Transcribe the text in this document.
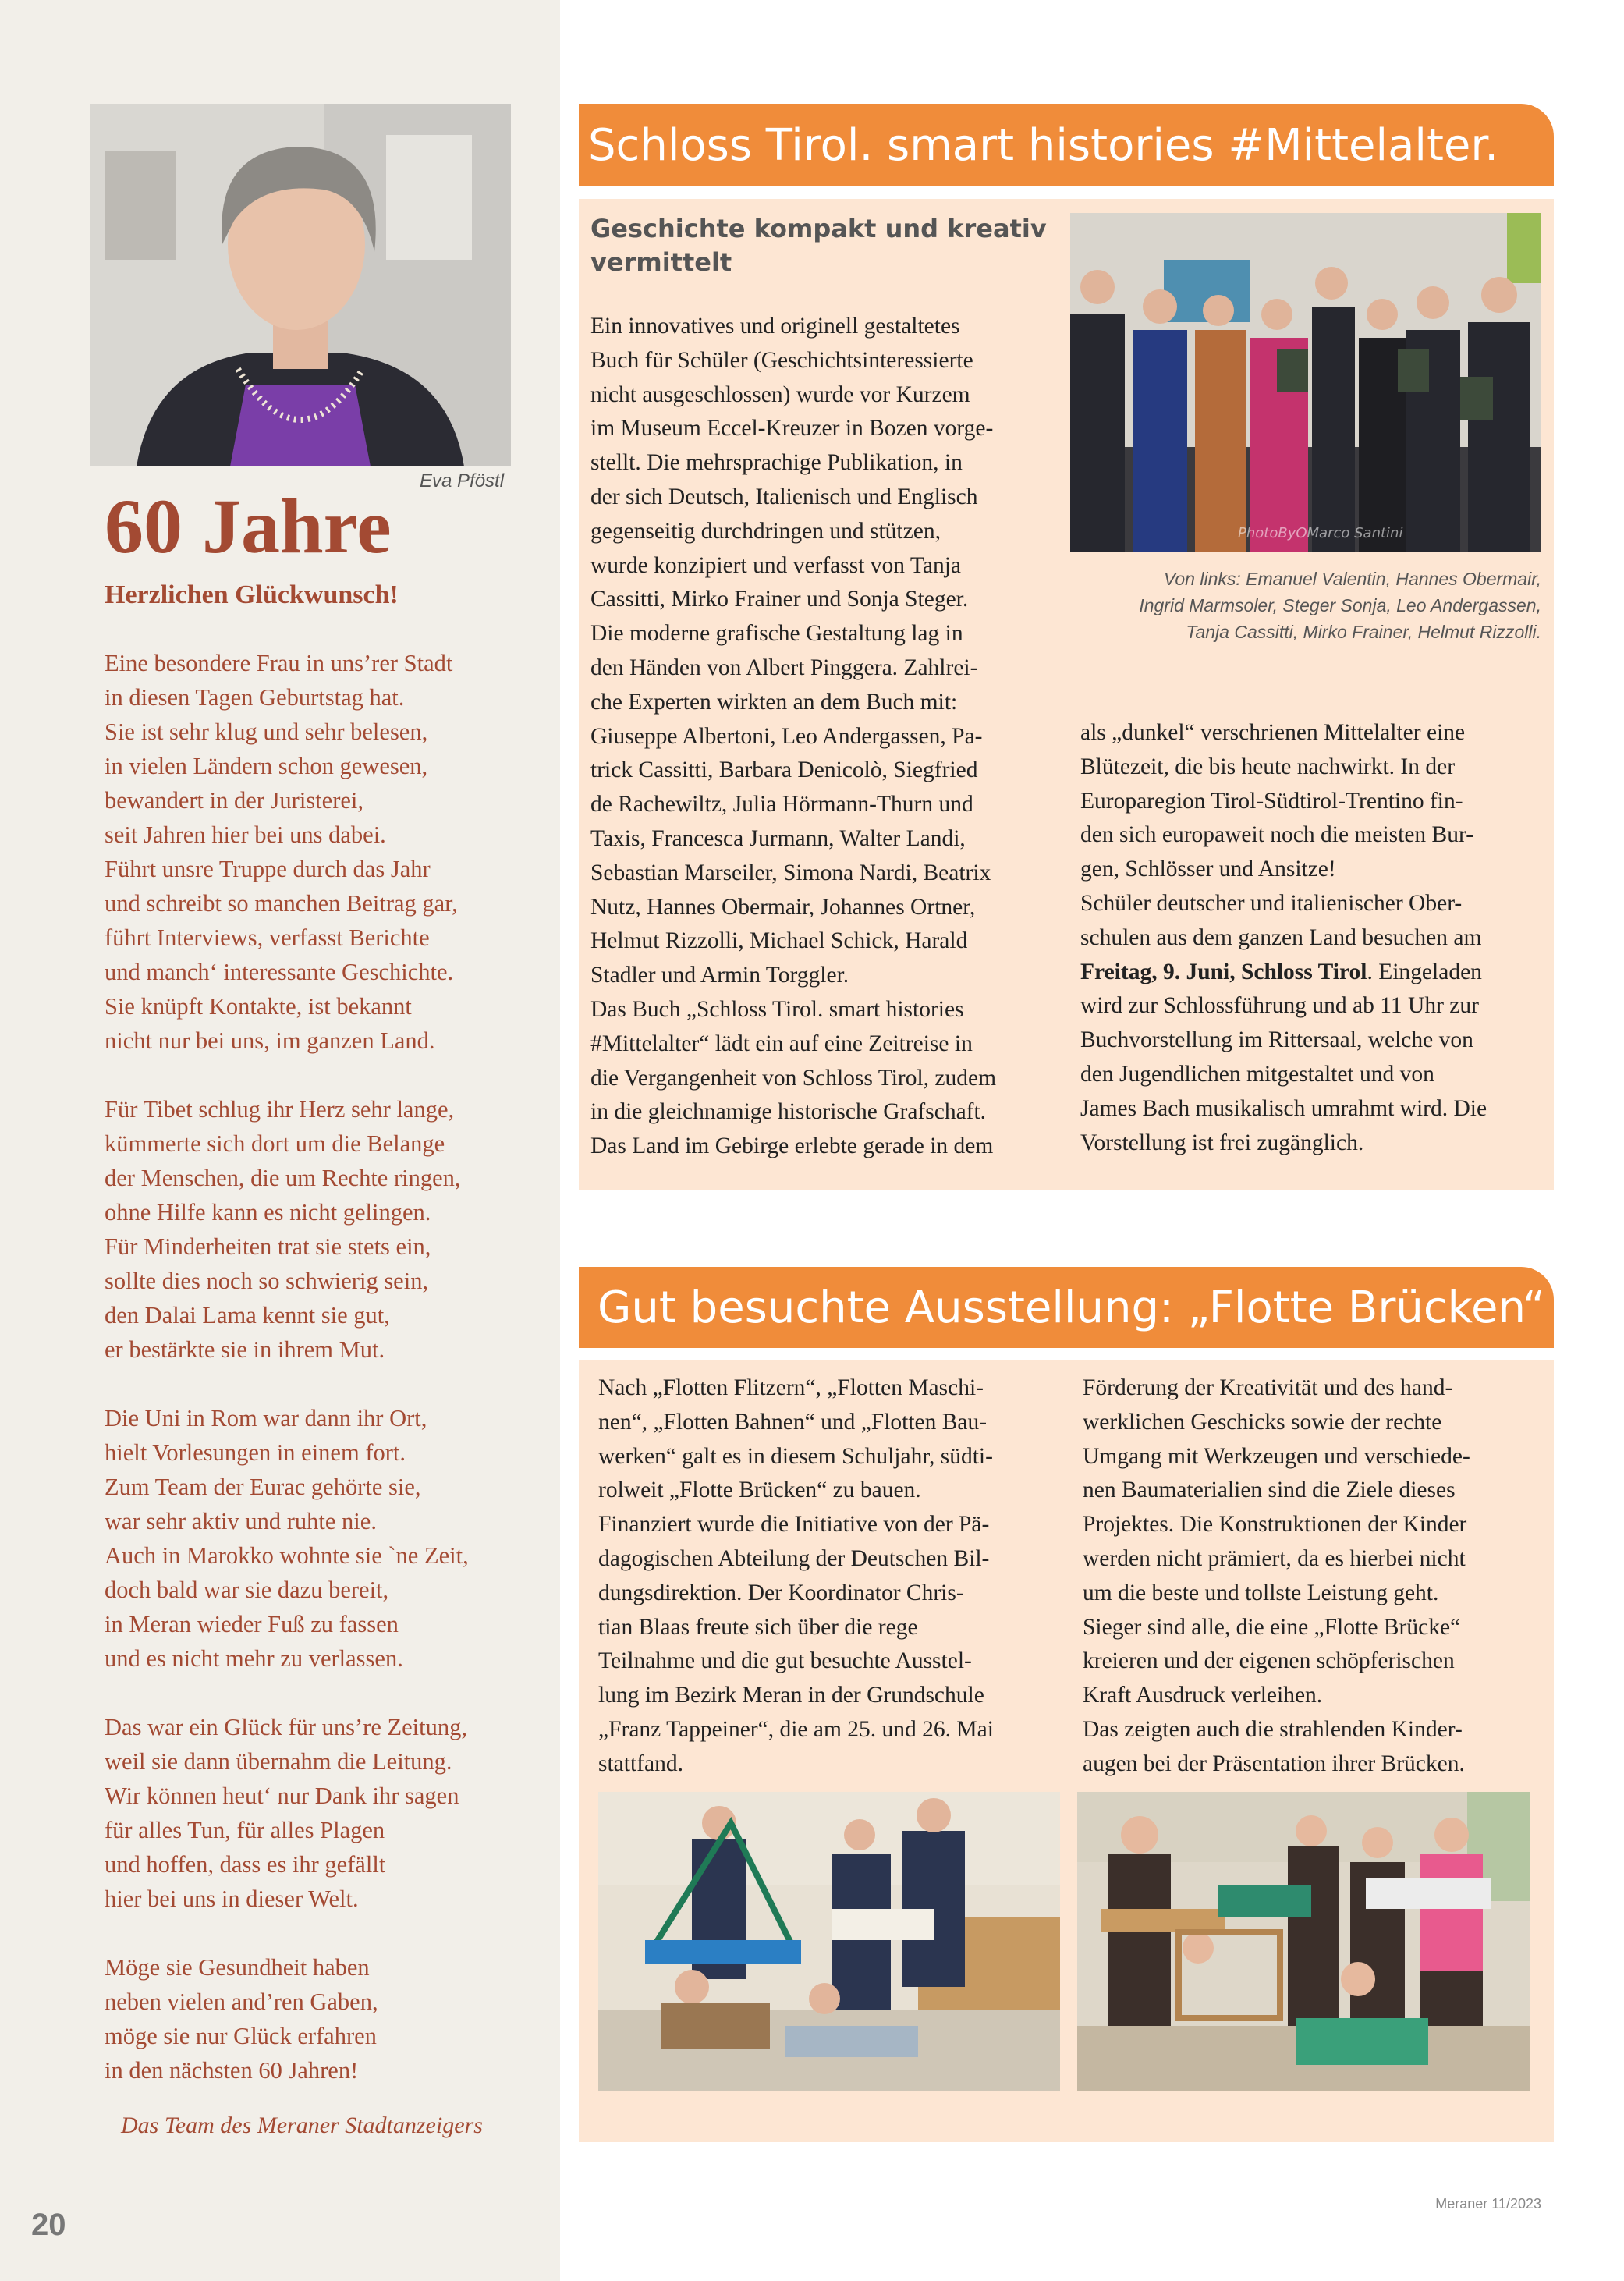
Eva Pföstl
60 Jahre
Herzlichen Glückwunsch!
Eine besondere Frau in uns’rer Stadt
in diesen Tagen Geburtstag hat.
Sie ist sehr klug und sehr belesen,
in vielen Ländern schon gewesen,
bewandert in der Juristerei,
seit Jahren hier bei uns dabei.
Führt unsre Truppe durch das Jahr
und schreibt so manchen Beitrag gar,
führt Interviews, verfasst Berichte
und manch‘ interessante Geschichte.
Sie knüpft Kontakte, ist bekannt
nicht nur bei uns, im ganzen Land.
Für Tibet schlug ihr Herz sehr lange,
kümmerte sich dort um die Belange
der Menschen, die um Rechte ringen,
ohne Hilfe kann es nicht gelingen.
Für Minderheiten trat sie stets ein,
sollte dies noch so schwierig sein,
den Dalai Lama kennt sie gut,
er bestärkte sie in ihrem Mut.
Die Uni in Rom war dann ihr Ort,
hielt Vorlesungen in einem fort.
Zum Team der Eurac gehörte sie,
war sehr aktiv und ruhte nie.
Auch in Marokko wohnte sie `ne Zeit,
doch bald war sie dazu bereit,
in Meran wieder Fuß zu fassen
und es nicht mehr zu verlassen.
Das war ein Glück für uns’re Zeitung,
weil sie dann übernahm die Leitung.
Wir können heut‘ nur Dank ihr sagen
für alles Tun, für alles Plagen
und hoffen, dass es ihr gefällt
hier bei uns in dieser Welt.
Möge sie Gesundheit haben
neben vielen and’ren Gaben,
möge sie nur Glück erfahren
in den nächsten 60 Jahren!
Das Team des Meraner Stadtanzeigers
20
Schloss Tirol. smart histories #Mittelalter.
Geschichte kompakt und kreativ
vermittelt
PhotoByOMarco Santini
Von links: Emanuel Valentin, Hannes Obermair,
Ingrid Marmsoler, Steger Sonja, Leo Andergassen,
Tanja Cassitti, Mirko Frainer, Helmut Rizzolli.
Ein innovatives und originell gestaltetes
Buch für Schüler (Geschichtsinteressierte
nicht ausgeschlossen) wurde vor Kurzem
im Museum Eccel-Kreuzer in Bozen vorge-
stellt. Die mehrsprachige Publikation, in
der sich Deutsch, Italienisch und Englisch
gegenseitig durchdringen und stützen,
wurde konzipiert und verfasst von Tanja
Cassitti, Mirko Frainer und Sonja Steger.
Die moderne grafische Gestaltung lag in
den Händen von Albert Pinggera. Zahlrei-
che Experten wirkten an dem Buch mit:
Giuseppe Albertoni, Leo Andergassen, Pa-
trick Cassitti, Barbara Denicolò, Siegfried
de Rachewiltz, Julia Hörmann-Thurn und
Taxis, Francesca Jurmann, Walter Landi,
Sebastian Marseiler, Simona Nardi, Beatrix
Nutz, Hannes Obermair, Johannes Ortner,
Helmut Rizzolli, Michael Schick, Harald
Stadler und Armin Torggler.
Das Buch „Schloss Tirol. smart histories
#Mittelalter“ lädt ein auf eine Zeitreise in
die Vergangenheit von Schloss Tirol, zudem
in die gleichnamige historische Grafschaft.
Das Land im Gebirge erlebte gerade in dem
als „dunkel“ verschrienen Mittelalter eine
Blütezeit, die bis heute nachwirkt. In der
Europaregion Tirol-Südtirol-Trentino fin-
den sich europaweit noch die meisten Bur-
gen, Schlösser und Ansitze!
Schüler deutscher und italienischer Ober-
schulen aus dem ganzen Land besuchen am
Freitag, 9. Juni, Schloss Tirol. Eingeladen
wird zur Schlossführung und ab 11 Uhr zur
Buchvorstellung im Rittersaal, welche von
den Jugendlichen mitgestaltet und von
James Bach musikalisch umrahmt wird. Die
Vorstellung ist frei zugänglich.
Gut besuchte Ausstellung: „Flotte Brücken“
Nach „Flotten Flitzern“, „Flotten Maschi-
nen“, „Flotten Bahnen“ und „Flotten Bau-
werken“ galt es in diesem Schuljahr, südti-
rolweit „Flotte Brücken“ zu bauen.
Finanziert wurde die Initiative von der Pä-
dagogischen Abteilung der Deutschen Bil-
dungsdirektion. Der Koordinator Chris-
tian Blaas freute sich über die rege
Teilnahme und die gut besuchte Ausstel-
lung im Bezirk Meran in der Grundschule
„Franz Tappeiner“, die am 25. und 26. Mai
stattfand.
Förderung der Kreativität und des hand-
werklichen Geschicks sowie der rechte
Umgang mit Werkzeugen und verschiede-
nen Baumaterialien sind die Ziele dieses
Projektes. Die Konstruktionen der Kinder
werden nicht prämiert, da es hierbei nicht
um die beste und tollste Leistung geht.
Sieger sind alle, die eine „Flotte Brücke“
kreieren und der eigenen schöpferischen
Kraft Ausdruck verleihen.
Das zeigten auch die strahlenden Kinder-
augen bei der Präsentation ihrer Brücken.
Meraner 11/2023
